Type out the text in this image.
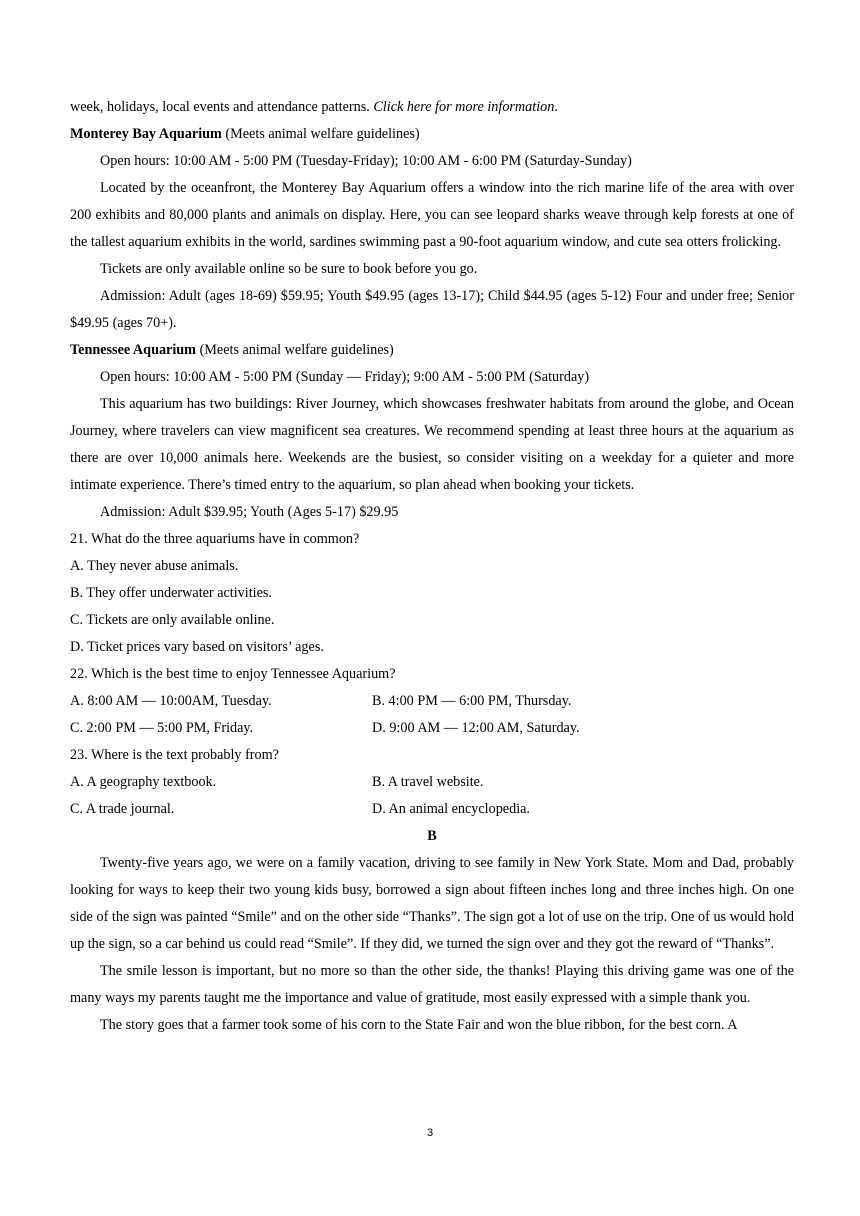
week, holidays, local events and attendance patterns. Click here for more information.

Monterey Bay Aquarium (Meets animal welfare guidelines)

Open hours: 10:00 AM - 5:00 PM (Tuesday-Friday); 10:00 AM - 6:00 PM (Saturday-Sunday)

Located by the oceanfront, the Monterey Bay Aquarium offers a window into the rich marine life of the area with over 200 exhibits and 80,000 plants and animals on display. Here, you can see leopard sharks weave through kelp forests at one of the tallest aquarium exhibits in the world, sardines swimming past a 90-foot aquarium window, and cute sea otters frolicking.

Tickets are only available online so be sure to book before you go.

Admission: Adult (ages 18-69) $59.95; Youth $49.95 (ages 13-17); Child $44.95 (ages 5-12) Four and under free; Senior $49.95 (ages 70+).

Tennessee Aquarium (Meets animal welfare guidelines)

Open hours: 10:00 AM - 5:00 PM (Sunday — Friday); 9:00 AM - 5:00 PM (Saturday)

This aquarium has two buildings: River Journey, which showcases freshwater habitats from around the globe, and Ocean Journey, where travelers can view magnificent sea creatures. We recommend spending at least three hours at the aquarium as there are over 10,000 animals here. Weekends are the busiest, so consider visiting on a weekday for a quieter and more intimate experience. There’s timed entry to the aquarium, so plan ahead when booking your tickets.

Admission: Adult $39.95; Youth (Ages 5-17) $29.95

21. What do the three aquariums have in common?

A. They never abuse animals.

B. They offer underwater activities.

C. Tickets are only available online.

D. Ticket prices vary based on visitors’ ages.

22. Which is the best time to enjoy Tennessee Aquarium?

A. 8:00 AM — 10:00AM, Tuesday.	B. 4:00 PM — 6:00 PM, Thursday.
C. 2:00 PM — 5:00 PM, Friday.	D. 9:00 AM — 12:00 AM, Saturday.

23. Where is the text probably from?

A. A geography textbook.	B. A travel website.
C. A trade journal.	D. An animal encyclopedia.

B

Twenty-five years ago, we were on a family vacation, driving to see family in New York State. Mom and Dad, probably looking for ways to keep their two young kids busy, borrowed a sign about fifteen inches long and three inches high. On one side of the sign was painted “Smile” and on the other side “Thanks”. The sign got a lot of use on the trip. One of us would hold up the sign, so a car behind us could read “Smile”. If they did, we turned the sign over and they got the reward of “Thanks”.

The smile lesson is important, but no more so than the other side, the thanks! Playing this driving game was one of the many ways my parents taught me the importance and value of gratitude, most easily expressed with a simple thank you.

The story goes that a farmer took some of his corn to the State Fair and won the blue ribbon, for the best corn. A

3
